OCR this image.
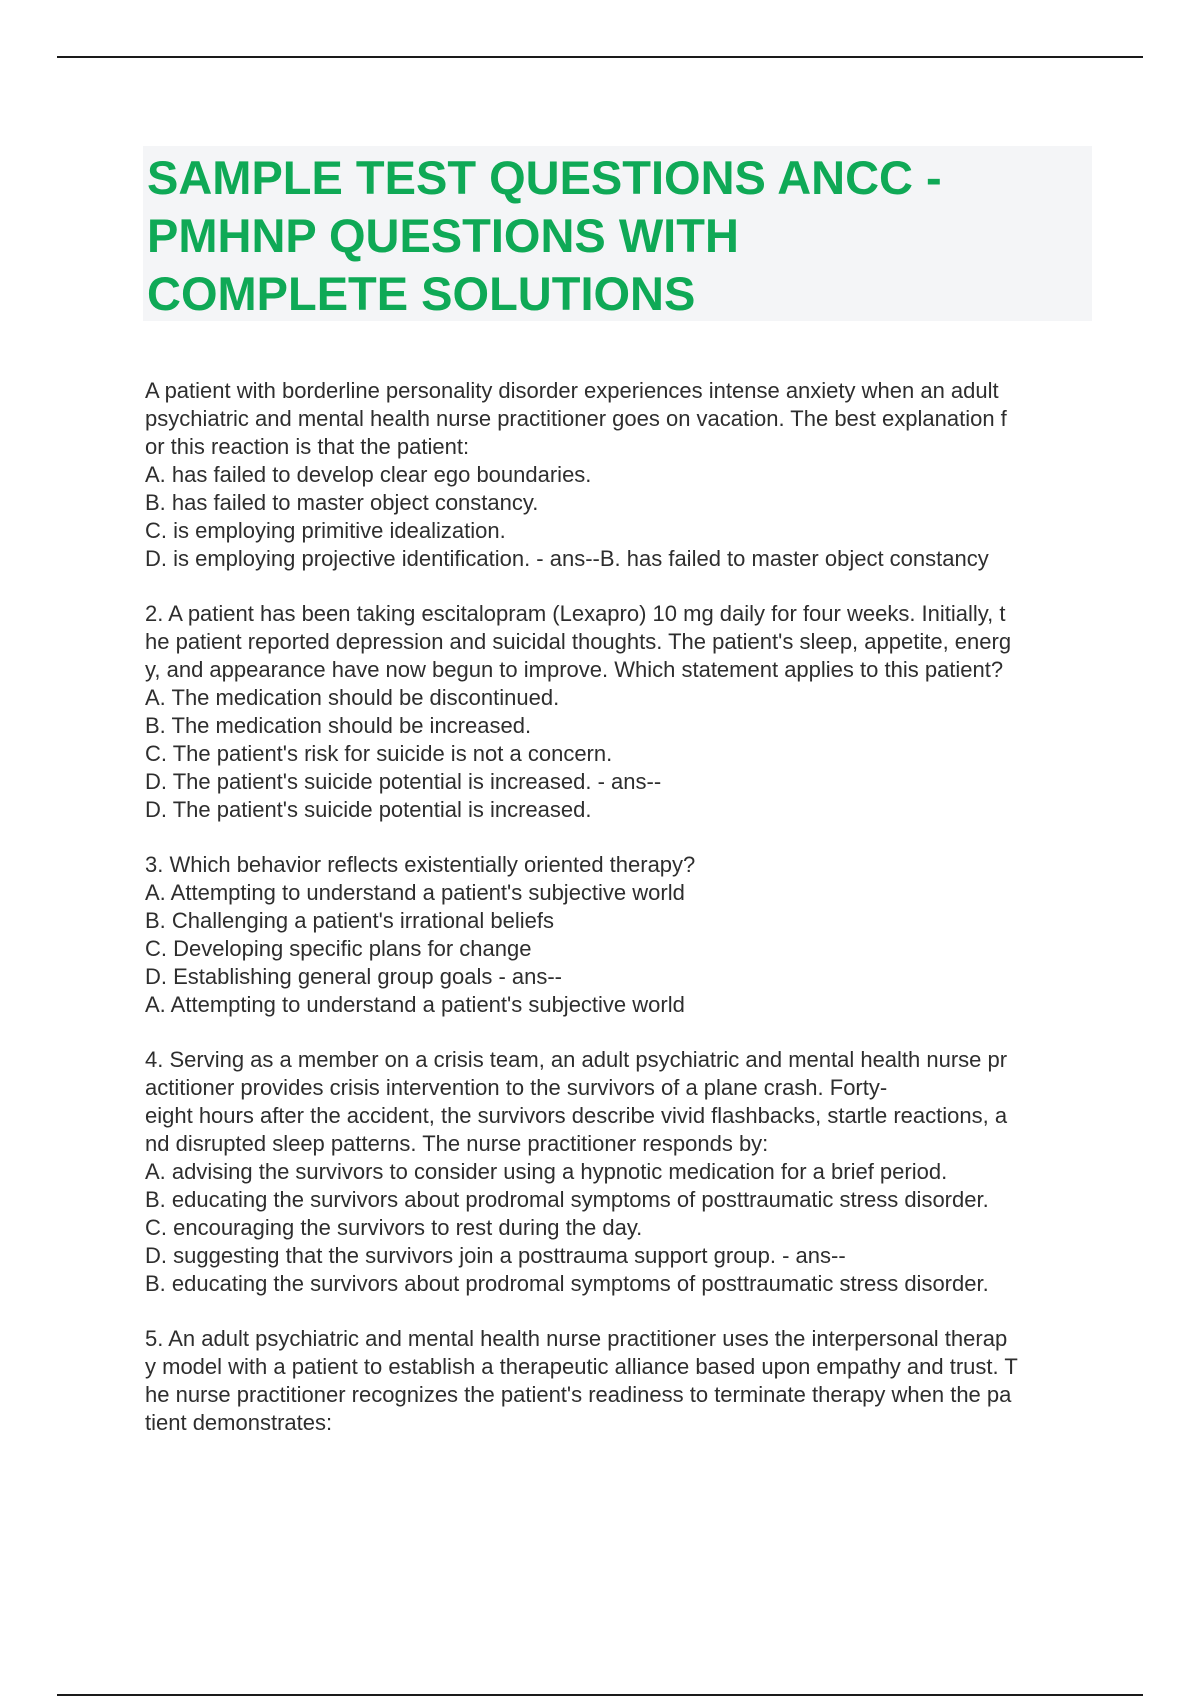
SAMPLE TEST QUESTIONS ANCC -
PMHNP QUESTIONS WITH
COMPLETE SOLUTIONS
A patient with borderline personality disorder experiences intense anxiety when an adult
psychiatric and mental health nurse practitioner goes on vacation. The best explanation f
or this reaction is that the patient:
A. has failed to develop clear ego boundaries.
B. has failed to master object constancy.
C. is employing primitive idealization.
D. is employing projective identification. - ans--B. has failed to master object constancy
2. A patient has been taking escitalopram (Lexapro) 10 mg daily for four weeks. Initially, t
he patient reported depression and suicidal thoughts. The patient's sleep, appetite, energ
y, and appearance have now begun to improve. Which statement applies to this patient?
A. The medication should be discontinued.
B. The medication should be increased.
C. The patient's risk for suicide is not a concern.
D. The patient's suicide potential is increased. - ans--
D. The patient's suicide potential is increased.
3. Which behavior reflects existentially oriented therapy?
A. Attempting to understand a patient's subjective world
B. Challenging a patient's irrational beliefs
C. Developing specific plans for change
D. Establishing general group goals - ans--
A. Attempting to understand a patient's subjective world
4. Serving as a member on a crisis team, an adult psychiatric and mental health nurse pr
actitioner provides crisis intervention to the survivors of a plane crash. Forty-
eight hours after the accident, the survivors describe vivid flashbacks, startle reactions, a
nd disrupted sleep patterns. The nurse practitioner responds by:
A. advising the survivors to consider using a hypnotic medication for a brief period.
B. educating the survivors about prodromal symptoms of posttraumatic stress disorder.
C. encouraging the survivors to rest during the day.
D. suggesting that the survivors join a posttrauma support group. - ans--
B. educating the survivors about prodromal symptoms of posttraumatic stress disorder.
5. An adult psychiatric and mental health nurse practitioner uses the interpersonal therap
y model with a patient to establish a therapeutic alliance based upon empathy and trust. T
he nurse practitioner recognizes the patient's readiness to terminate therapy when the pa
tient demonstrates:
